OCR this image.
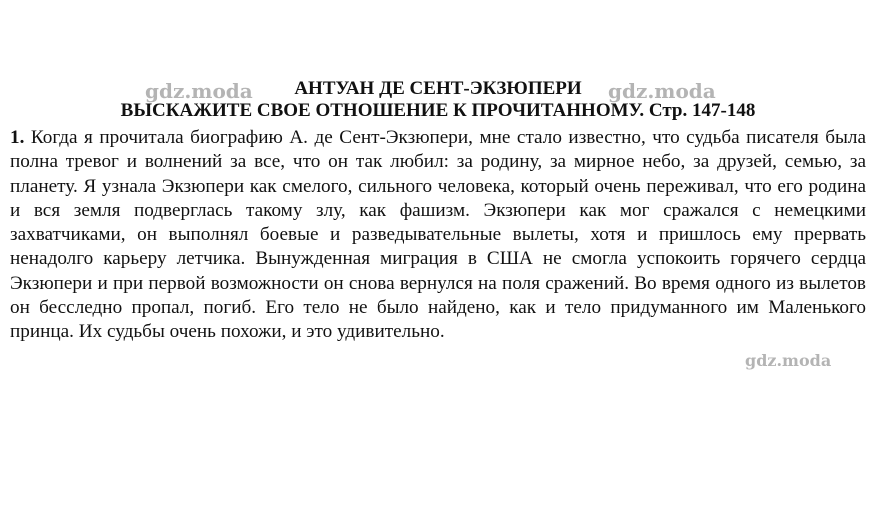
АНТУАН ДЕ СЕНТ-ЭКЗЮПЕРИ
ВЫСКАЖИТЕ СВОЕ ОТНОШЕНИЕ К ПРОЧИТАННОМУ. Стр. 147-148
gdz.moda	gdz.moda
1. Когда я прочитала биографию А. де Сент-Экзюпери, мне стало известно, что судьба писателя была полна тревог и волнений за все, что он так любил: за родину, за мирное небо, за друзей, семью, за планету. Я узнала Экзюпери как смелого, сильного человека, который очень переживал, что его родина и вся земля подверглась такому злу, как фашизм. Экзюпери как мог сражался с немецкими захватчиками, он выполнял боевые и разведывательные вылеты, хотя и пришлось ему прервать ненадолго карьеру летчика. Вынужденная миграция в США не смогла успокоить горячего сердца Экзюпери и при первой возможности он снова вернулся на поля сражений. Во время одного из вылетов он бесследно пропал, погиб. Его тело не было найдено, как и тело придуманного им Маленького принца. Их судьбы очень похожи, и это удивительно.
gdz.moda
